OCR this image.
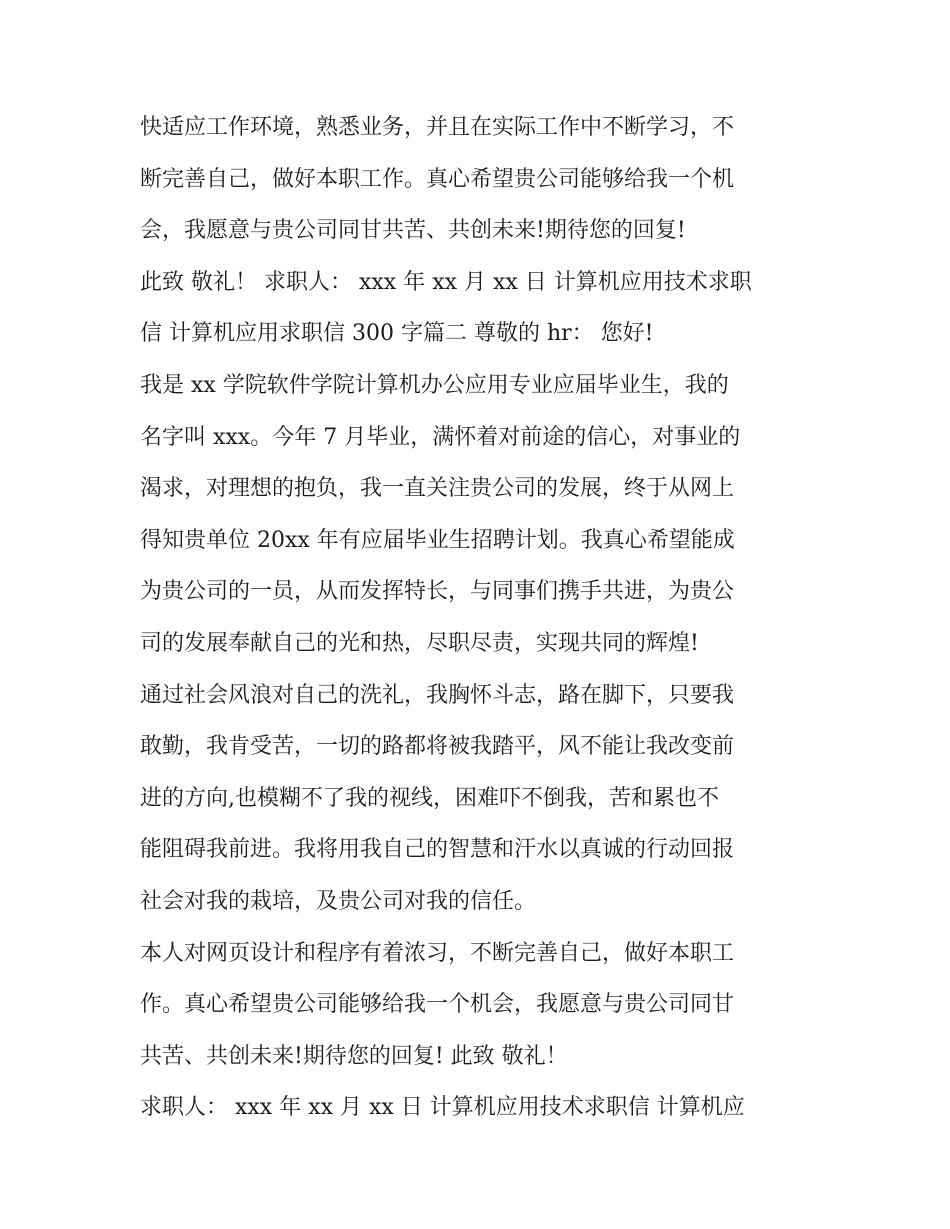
快适应工作环境，熟悉业务，并且在实际工作中不断学习，不
断完善自己，做好本职工作。真心希望贵公司能够给我一个机
会，我愿意与贵公司同甘共苦、共创未来!期待您的回复!
此致 敬礼！ 求职人： xxx 年 xx 月 xx 日 计算机应用技术求职
信 计算机应用求职信 300 字篇二 尊敬的 hr： 您好!
我是 xx 学院软件学院计算机办公应用专业应届毕业生，我的
名字叫 xxx。今年 7 月毕业，满怀着对前途的信心，对事业的
渴求，对理想的抱负，我一直关注贵公司的发展，终于从网上
得知贵单位 20xx 年有应届毕业生招聘计划。我真心希望能成
为贵公司的一员，从而发挥特长，与同事们携手共进，为贵公
司的发展奉献自己的光和热，尽职尽责，实现共同的辉煌!
通过社会风浪对自己的洗礼，我胸怀斗志，路在脚下，只要我
敢勤，我肯受苦，一切的路都将被我踏平，风不能让我改变前
进的方向,也模糊不了我的视线，困难吓不倒我，苦和累也不
能阻碍我前进。我将用我自己的智慧和汗水以真诚的行动回报
社会对我的栽培，及贵公司对我的信任。
本人对网页设计和程序有着浓习，不断完善自己，做好本职工
作。真心希望贵公司能够给我一个机会，我愿意与贵公司同甘
共苦、共创未来!期待您的回复! 此致 敬礼！
求职人： xxx 年 xx 月 xx 日 计算机应用技术求职信 计算机应
